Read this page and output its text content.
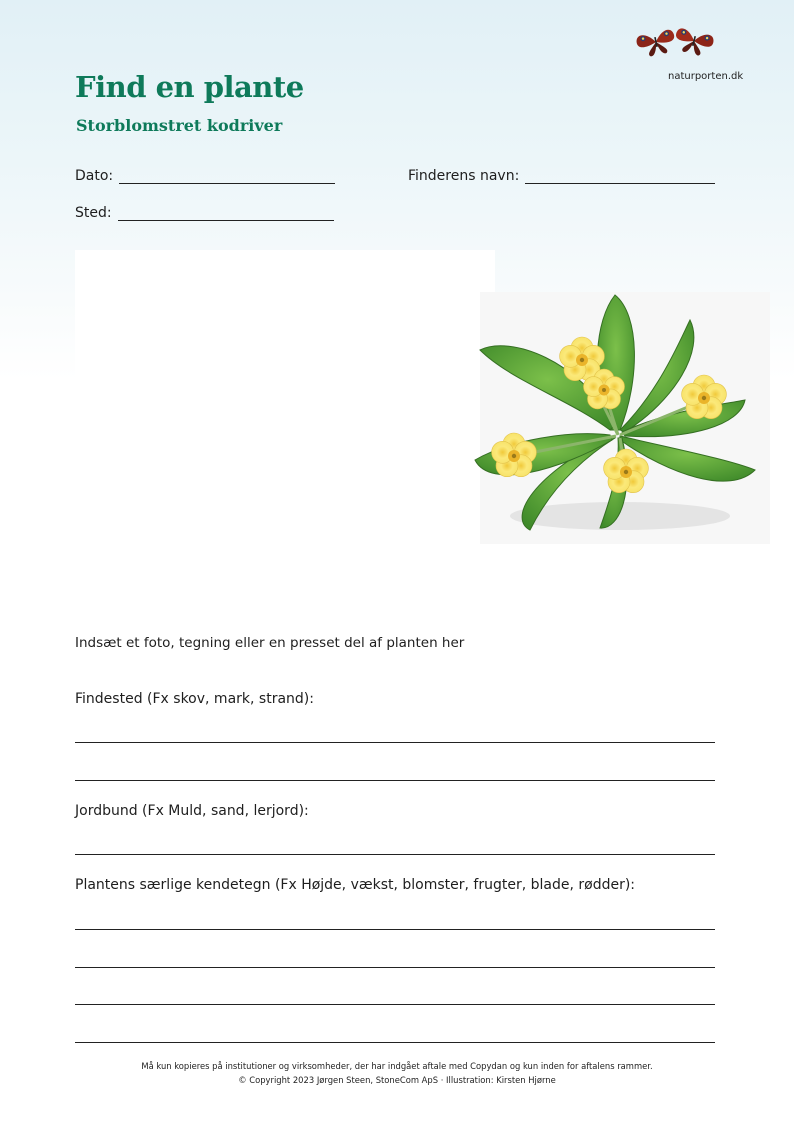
Find en plante
Storblomstret kodriver
naturporten.dk
Dato:	Finderens navn:
Sted:
Indsæt et foto, tegning eller en presset del af planten her
Findested (Fx skov, mark, strand):
Jordbund (Fx Muld, sand, lerjord):
Plantens særlige kendetegn (Fx Højde, vækst, blomster, frugter, blade, rødder):
Må kun kopieres på institutioner og virksomheder, der har indgået aftale med Copydan og kun inden for aftalens rammer.
© Copyright 2023 Jørgen Steen, StoneCom ApS · Illustration: Kirsten Hjørne
